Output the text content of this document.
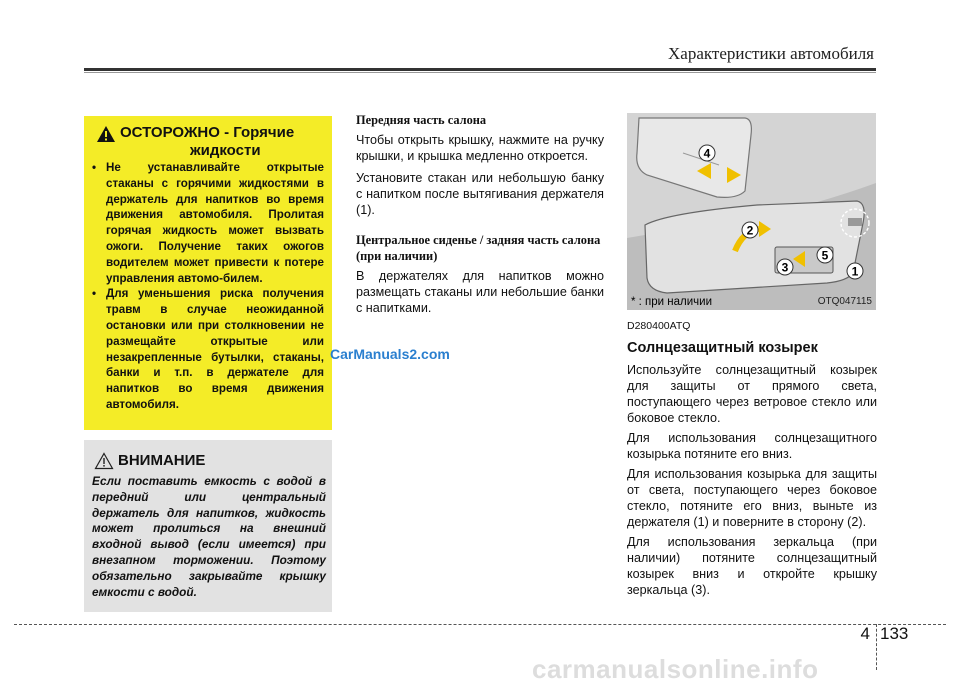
Характеристики автомобиля
ОСТОРОЖНО - Горячие
жидкости
• Не устанавливайте открытые стаканы с горячими жидкостями в держатель для напитков во время движения автомобиля. Пролитая горячая жидкость может вызвать ожоги. Получение таких ожогов водителем может привести к потере управления автомо-билем.
• Для уменьшения риска получения травм в случае неожиданной остановки или при столкновении не размещайте открытые или незакрепленные бутылки, стаканы, банки и т.п. в держателе для напитков во время движения автомобиля.
ВНИМАНИЕ
Если поставить емкость с водой в передний или центральный держатель для напитков, жидкость может пролиться на внешний входной вывод (если имеется) при внезапном торможении. Поэтому обязательно закрывайте крышку емкости с водой.
Передняя часть салона

Чтобы открыть крышку, нажмите на ручку крышки, и крышка медленно откроется.

Установите стакан или небольшую банку с напитком после вытягивания держателя (1).

Центральное сиденье / задняя часть салона (при наличии)

В держателях для напитков можно размещать стаканы или небольшие банки с напитками.

4
2
3
5
1
* : при наличии	OTQ047115
D280400ATQ
Солнцезащитный козырек

Используйте солнцезащитный козырек для защиты от прямого света, поступающего через ветровое стекло или боковое стекло.

Для использования солнцезащитного козырька потяните его вниз.

Для использования козырька для защиты от света, поступающего через боковое стекло, потяните его вниз, выньте из держателя (1) и поверните в сторону (2).

Для использования зеркальца (при наличии) потяните солнцезащитный козырек вниз и откройте крышку зеркальца (3).

CarManuals2.com
4 133
carmanualsonline.info
